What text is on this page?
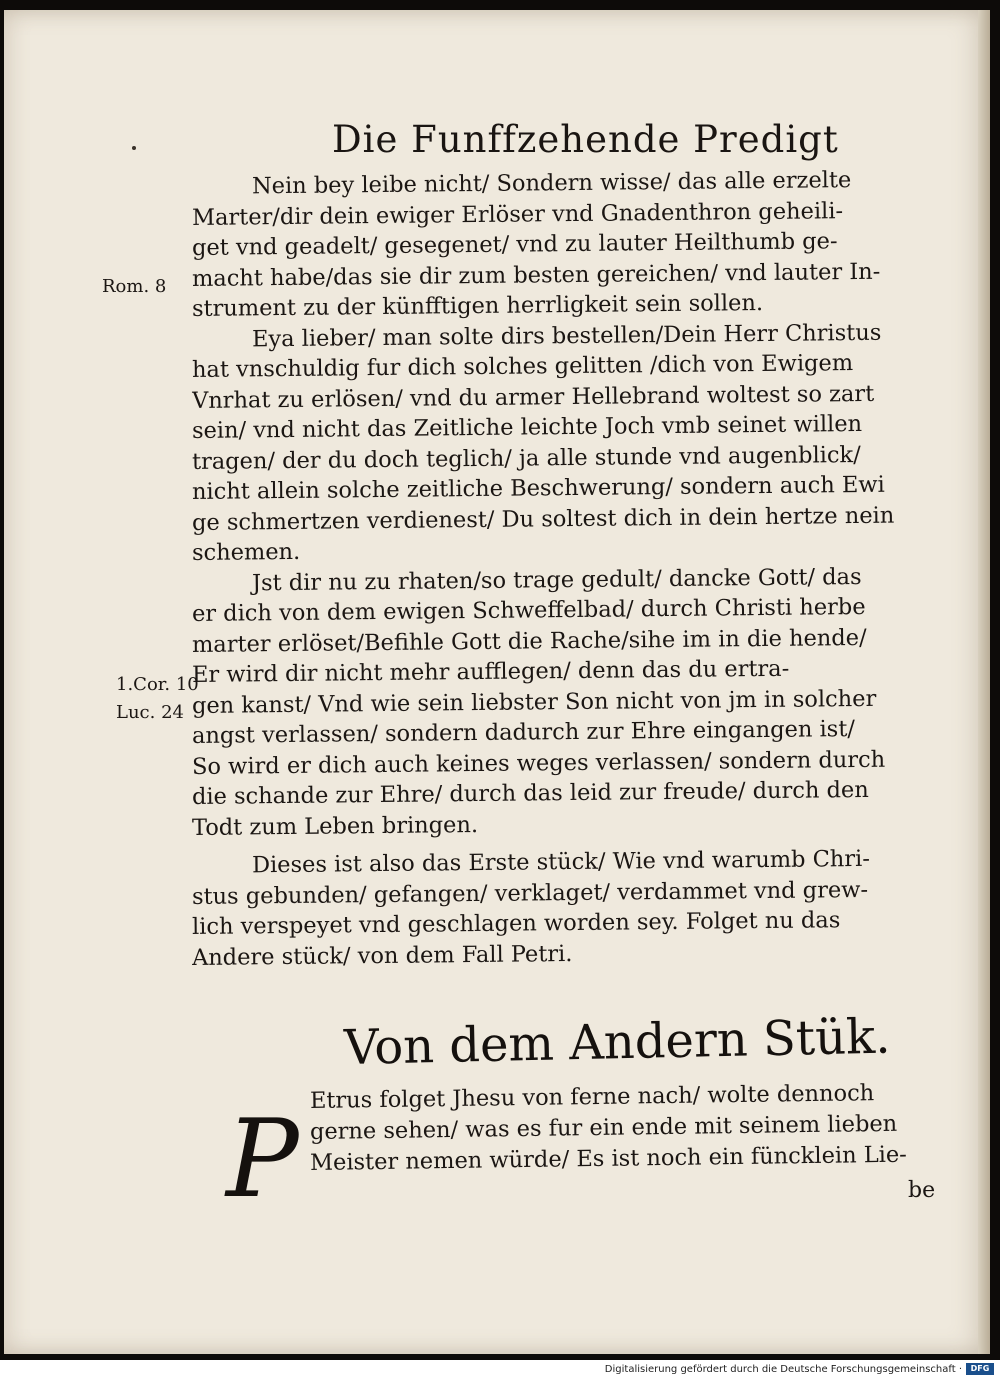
Die Funffzehende Predigt
Nein bey leibe nicht/ Sondern wisse/ das alle erzelte
Marter/dir dein ewiger Erlöser vnd Gnadenthron geheili-
get vnd geadelt/ gesegenet/ vnd zu lauter Heilthumb ge-
macht habe/das sie dir zum besten gereichen/ vnd lauter In-
strument zu der künfftigen herrligkeit sein sollen.
Eya lieber/ man solte dirs bestellen/Dein Herr Christus
hat vnschuldig fur dich solches gelitten /dich von Ewigem
Vnrhat zu erlösen/ vnd du armer Hellebrand woltest so zart
sein/ vnd nicht das Zeitliche leichte Joch vmb seinet willen
tragen/ der du doch teglich/ ja alle stunde vnd augenblick/
nicht allein solche zeitliche Beschwerung/ sondern auch Ewi
ge schmertzen verdienest/ Du soltest dich in dein hertze nein
schemen.
Jst dir nu zu rhaten/so trage gedult/ dancke Gott/ das
er dich von dem ewigen Schweffelbad/ durch Christi herbe
marter erlöset/Befihle Gott die Rache/sihe im in die hende/
Er wird dir nicht mehr aufflegen/ denn das du ertra-
gen kanst/ Vnd wie sein liebster Son nicht von jm in solcher
angst verlassen/ sondern dadurch zur Ehre eingangen ist/
So wird er dich auch keines weges verlassen/ sondern durch
die schande zur Ehre/ durch das leid zur freude/ durch den
Todt zum Leben bringen.
Dieses ist also das Erste stück/ Wie vnd warumb Chri-
stus gebunden/ gefangen/ verklaget/ verdammet vnd grew-
lich verspeyet vnd geschlagen worden sey. Folget nu das
Andere stück/ von dem Fall Petri.
Rom. 8
1.Cor. 10
Luc. 24
Von dem Andern Stük.
P Etrus folget Jhesu von ferne nach/ wolte dennoch
gerne sehen/ was es fur ein ende mit seinem lieben
Meister nemen würde/ Es ist noch ein füncklein Lie-
be
Digitalisierung gefördert durch die Deutsche Forschungsgemeinschaft ·	DFG
